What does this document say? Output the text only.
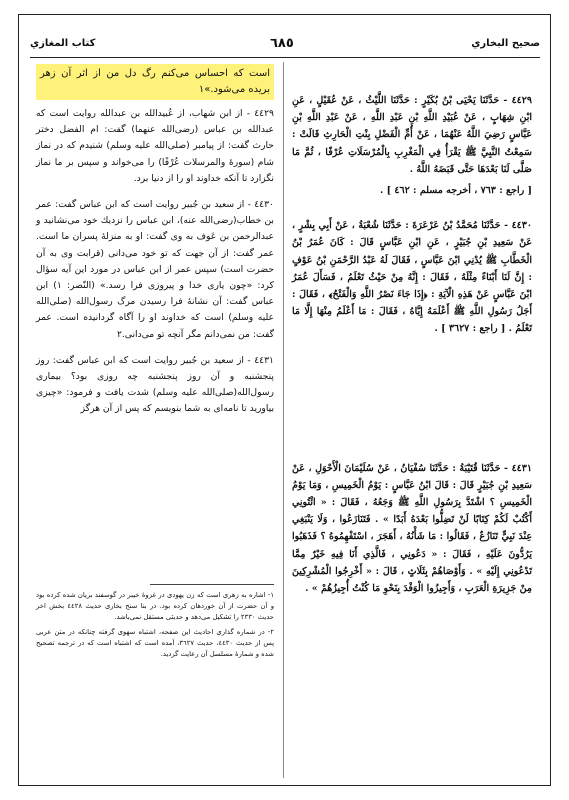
كتاب المغازي	٦٨٥	صحيح البخاري
است كه احساس مى‌كنم رگ دل من از اثر آن زهر بريده مى‌شود.»١

٤٤٢٩ - از ابن شهاب، از عُبيدالله بن عبدالله روايت است كه عبدالله بن عباس (رضى‌الله عنهما) گفت: ام الفضل دختر حارث گفت: از پيامبر (صلى‌الله عليه وسلم) شنيدم كه در نماز شام (سورهٔ والمرسلات عُرْفًا) را مى‌خواند و سپس بر ما نماز نگزارد تا آنكه خداوند او را از دنيا برد.

٤٤٣٠ - از سعيد بن جُبير روايت است كه ابن عباس گفت: عمر بن خطاب(رضى‌الله عنه)، ابن عباس را نزديك خود مى‌نشانيد و عبدالرحمن بن عَوف به وى گفت: او به منزلهٔ پسران ما است. عمر گفت: از آن جهت كه تو خود مى‌دانى (قرابت وى به آن حضرت است) سپس عمر از ابن عباس در مورد اين آيه سؤال كرد: «چون يارى خدا و پيروزى فرا رسد.» (النّصر: ١) ابن عباس گفت: آن نشانهٔ فرا رسيدن مرگ رسول‌الله (صلى‌الله عليه وسلم) است كه خداوند او را آگاه گردانيده است. عمر گفت: من نمى‌دانم مگر آنچه تو مى‌دانى.٢

٤٤٣١ - از سعيد بن جُبير روايت است كه ابن عباس گفت: روز پنجشنبه و آن روز پنجشنبه چه روزى بود؟ بيمارى رسول‌الله(صلى‌الله عليه وسلم) شدت يافت و فرمود: «چيزى بياوريد تا نامه‌اى به شما بنويسم كه پس از آن هرگز

١- اشاره به زهرى است كه زن يهودى در غزوهٔ خيبر در گوسفند بريان شده كرده بود و آن حضرت از آن خوردهان كرده بود. در بنا سنح بخارى حديث ٤٤٢٨ بخش اخر حديث ٢٣٣٠ را تشكيل مى‌دهد و حديثى مستقل نمى‌باشد.

٢- در شماره گذارى احاديث اين صفحه، اشتباه سهوى گرفته چنانكه در متن عربى پس از حديث ٤٤٣٠، حديث ٣٦٢٧، آمده است كه اشتباه است كه در ترجمه تصحيح شده و شمارهٔ مسلسل آن رعايت گرديد.

٤٤٢٩ - حَدَّثَنَا يَحْيَى بْنُ بُكَيْرٍ : حَدَّثَنَا اللَّيْثُ ، عَنْ عُقَيْلٍ ، عَنِ ابْنِ شِهَابٍ ، عَنْ عُبَيْدِ اللَّهِ بْنِ عَبْدِ اللَّهِ ، عَنْ عَبْدِ اللَّهِ بْنِ عَبَّاسٍ رَضِيَ اللَّهُ عَنْهُمَا ، عَنْ أُمِّ الْفَضْلِ بِنْتِ الْحَارِثِ قَالَتْ : سَمِعْتُ النَّبِيَّ ﷺ يَقْرَأُ فِي الْمَغْرِبِ بِالْمُرْسَلَاتِ عُرْفًا ، ثُمَّ مَا صَلَّى لَنَا بَعْدَهَا حَتَّى قَبَضَهُ اللَّهُ .

[ راجع : ٧٦٣ ، أخرجه مسلم : ٤٦٢ ] .

٤٤٣٠ - حَدَّثَنَا مُحَمَّدُ بْنُ عَرْعَرَةَ : حَدَّثَنَا شُعْبَةُ ، عَنْ أَبِي بِشْرٍ ، عَنْ سَعِيدِ بْنِ جُبَيْرٍ ، عَنِ ابْنِ عَبَّاسٍ قَالَ : كَانَ عُمَرُ بْنُ الْخَطَّابِ ﷺ يُدْنِي ابْنَ عَبَّاسٍ ، فَقَالَ لَهُ عَبْدُ الرَّحْمَنِ بْنُ عَوْفٍ : إِنَّ لَنَا أَبْنَاءً مِثْلَهُ ، فَقَالَ : إِنَّهُ مِنْ حَيْثُ تَعْلَمُ ، فَسَأَلَ عُمَرُ ابْنَ عَبَّاسٍ عَنْ هَذِهِ الْآيَةِ : ﴿إِذَا جَاءَ نَصْرُ اللَّهِ وَالْفَتْحُ﴾ ، فَقَالَ : أَجَلُ رَسُولِ اللَّهِ ﷺ أَعْلَمَهُ إِيَّاهُ ، فَقَالَ : مَا أَعْلَمُ مِنْهَا إِلَّا مَا تَعْلَمُ . [ راجع : ٣٦٢٧ ] .

٤٤٣١ - حَدَّثَنَا قُتَيْبَةُ : حَدَّثَنَا سُفْيَانُ ، عَنْ سُلَيْمَانَ الْأَحْوَلِ ، عَنْ سَعِيدِ بْنِ جُبَيْرٍ قَالَ : قَالَ ابْنُ عَبَّاسٍ : يَوْمُ الْخَمِيسِ ، وَمَا يَوْمُ الْخَمِيسِ ؟ اشْتَدَّ بِرَسُولِ اللَّهِ ﷺ وَجَعُهُ ، فَقَالَ : « ائْتُونِي أَكْتُبْ لَكُمْ كِتَابًا لَنْ تَضِلُّوا بَعْدَهُ أَبَدًا » . فَتَنَازَعُوا ، وَلَا يَنْبَغِي عِنْدَ نَبِيٍّ تَنَازُعٌ ، فَقَالُوا : مَا شَأْنُهُ ، أَهَجَرَ ، اسْتَفْهِمُوهُ ؟ فَذَهَبُوا يَرُدُّونَ عَلَيْهِ ، فَقَالَ : « دَعُونِي ، فَالَّذِي أَنَا فِيهِ خَيْرٌ مِمَّا تَدْعُونِي إِلَيْهِ » . وَأَوْصَاهُمْ بِثَلَاثٍ ، قَالَ : « أَخْرِجُوا الْمُشْرِكِينَ مِنْ جَزِيرَةِ الْعَرَبِ ، وَأَجِيزُوا الْوَفْدَ بِنَحْوِ مَا كُنْتُ أُجِيزُهُمْ » .
